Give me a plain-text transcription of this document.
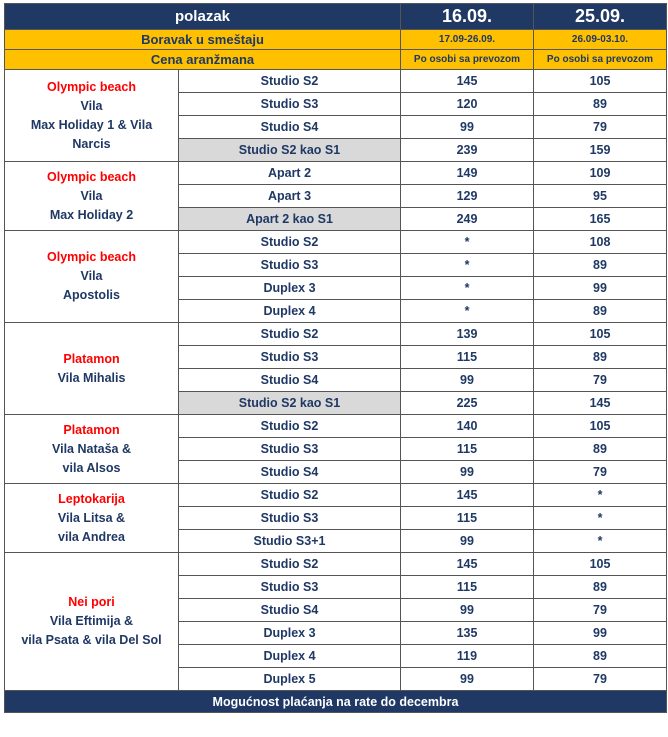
polazak		16.09.	25.09.
Boravak u smeštaju		17.09-26.09.	26.09-03.10.
Cena aranžmana		Po osobi sa prevozom	Po osobi sa prevozom

Olympic beach
Vila
Max Holiday 1 & Vila
Narcis	Studio S2	145	105
	Studio S3	120	89
	Studio S4	99	79
	Studio S2 kao S1	239	159

Olympic beach
Vila
Max Holiday 2	Apart 2	149	109
	Apart 3	129	95
	Apart 2 kao S1	249	165

Olympic beach
Vila
Apostolis	Studio S2	*	108
	Studio S3	*	89
	Duplex 3	*	99
	Duplex 4	*	89

Platamon
Vila Mihalis	Studio S2	139	105
	Studio S3	115	89
	Studio S4	99	79
	Studio S2 kao S1	225	145

Platamon
Vila Nataša &
vila Alsos	Studio S2	140	105
	Studio S3	115	89
	Studio S4	99	79

Leptokarija
Vila Litsa &
vila Andrea	Studio S2	145	*
	Studio S3	115	*
	Studio S3+1	99	*

Nei pori
Vila Eftimija &
vila Psata & vila Del Sol	Studio S2	145	105
	Studio S3	115	89
	Studio S4	99	79
	Duplex 3	135	99
	Duplex 4	119	89
	Duplex 5	99	79
Mogućnost plaćanja na rate do decembra			
